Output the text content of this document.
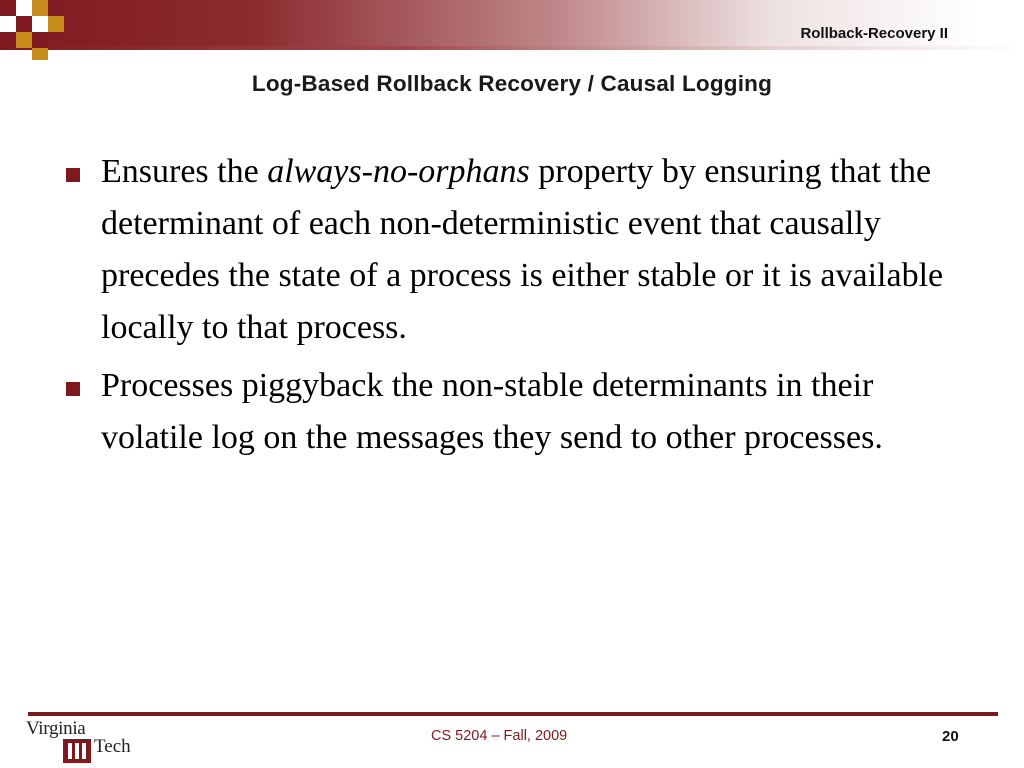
Rollback-Recovery II
Log-Based Rollback Recovery / Causal Logging
Ensures the always-no-orphans property by ensuring that the determinant of each non-deterministic event that causally precedes the state of a process is either stable or it is available locally to that process.
Processes piggyback the non-stable determinants in their volatile log on the messages they send to other processes.
Virginia
Tech	CS 5204 – Fall, 2009	20
